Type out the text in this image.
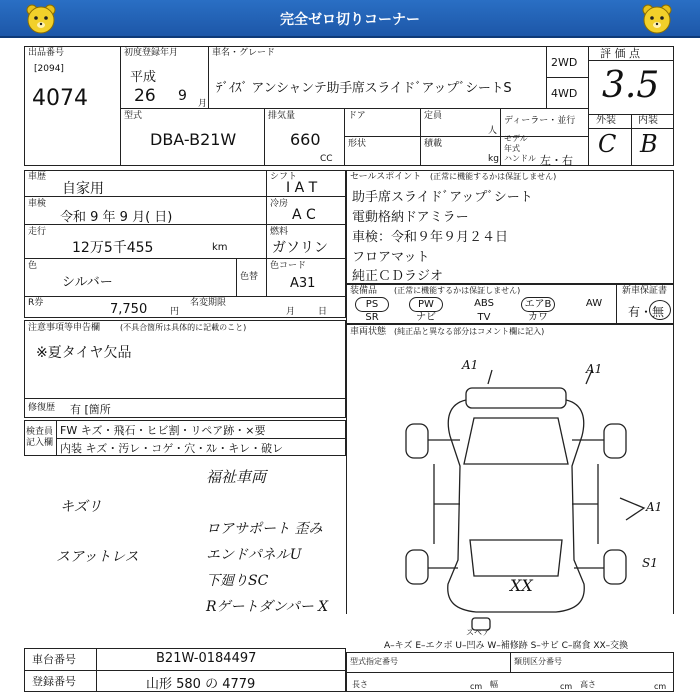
完全ゼロ切りコーナー
出品番号
[2094]
4074
初度登録年月
平成
26 9 月
車名・グレード
ﾃﾞｲｽﾞ アンシャンテ助手席スライドﾞアップﾞシートS
2WD
4WD
評 価 点
3.5
外装 内装
C B
型式
DBA-B21W
排気量
660
CC
ドア	定員
人
ディーラー・並行
モデル年式
形状	積載
kg ハンドル 左・右
車歴
自家用
シフト
I A T
車検
令和 9 年 9 月( 日)
冷房
A C
走行
12万5千455	km
燃料
ガソリン
色
シルバー	色替
色コード
A31
R券	7,750	円
名変期限
月	日
セールスポイント (正常に機能するかは保証しません)
助手席スライドﾞアップﾞシート
電動格納ドアミラー
車検：令和９年９月２４日
フロアマット
純正ＣＤラジオ
装備品 (正常に機能するかは保証しません)
PS	PW	ABS	エアB	AW
SR	ナビ	TV	カワ
新車保証書
有・無
注意事項等申告欄 (不具合箇所は具体的に記載のこと)
※夏タイヤ欠品
修復歴 有 [箇所
検査員
記入欄
FW キズ・飛石・ヒビ割・リペア跡・×要
内装 キズ・汚レ・コゲ・穴・ｽﾚ・キレ・破レ
福祉車両
キズリ
スアットレス
ロアサポート 歪み
エンドパネルU
下廻りSC
Rゲートダンパー X
車両状態 (純正品と異なる部分はコメント欄に記入)
A1	A1
A1
S1
XX
スペア
A–キズ E–エクボ U–凹み W–補修跡 S–サビ C–腐食 XX–交換
車台番号	B21W-0184497
登録番号	山形 580 の 4779
型式指定番号	類別区分番号
長さ	cm 幅	cm 高さ	cm
